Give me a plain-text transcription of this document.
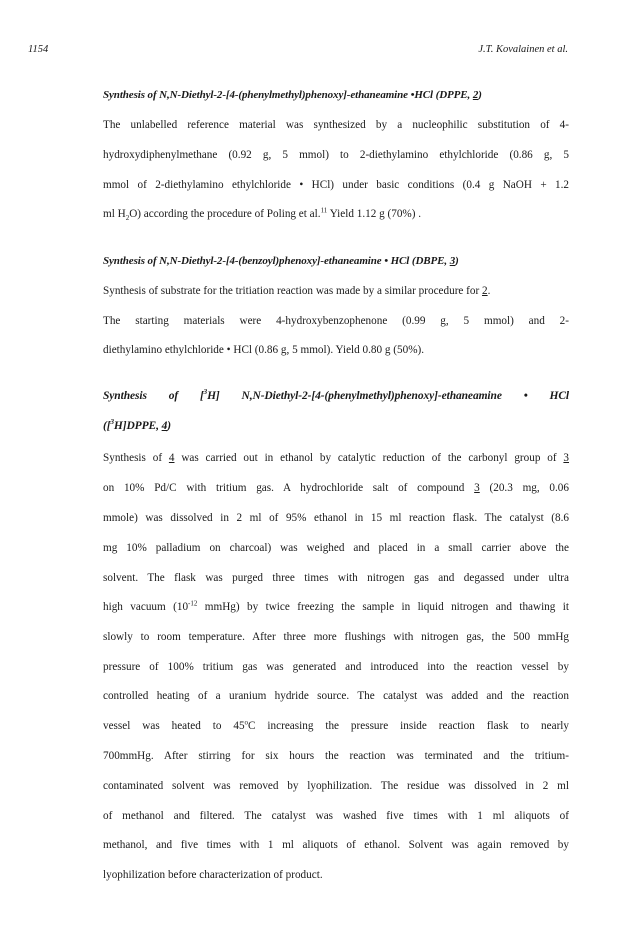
1154	J.T. Kovalainen et al.
Synthesis of N,N-Diethyl-2-[4-(phenylmethyl)phenoxy]-ethaneamine •HCl (DPPE, 2)
The unlabelled reference material was synthesized by a nucleophilic substitution of 4-
hydroxydiphenylmethane (0.92 g, 5 mmol) to 2-diethylamino ethylchloride (0.86 g, 5
mmol of 2-diethylamino ethylchloride • HCl) under basic conditions (0.4 g NaOH + 1.2
ml $H_2O$) according the procedure of Poling et al.$^{11}$ Yield 1.12 g (70%) .
Synthesis of N,N-Diethyl-2-[4-(benzoyl)phenoxy]-ethaneamine • HCl (DBPE, 3)
Synthesis of substrate for the tritiation reaction was made by a similar procedure for 2.
The starting materials were 4-hydroxybenzophenone (0.99 g, 5 mmol) and 2-
diethylamino ethylchloride • HCl (0.86 g, 5 mmol). Yield 0.80 g (50%).
Synthesis of [$^3$H] N,N-Diethyl-2-[4-(phenylmethyl)phenoxy]-ethaneamine • HCl
([$^3$H]DPPE, 4)
Synthesis of 4 was carried out in ethanol by catalytic reduction of the carbonyl group of 3
on 10% Pd/C with tritium gas. A hydrochloride salt of compound 3 (20.3 mg, 0.06
mmole) was dissolved in 2 ml of 95% ethanol in 15 ml reaction flask. The catalyst (8.6
mg 10% palladium on charcoal) was weighed and placed in a small carrier above the
solvent. The flask was purged three times with nitrogen gas and degassed under ultra
high vacuum ($10^{-12}$ mmHg) by twice freezing the sample in liquid nitrogen and thawing it
slowly to room temperature. After three more flushings with nitrogen gas, the 500 mmHg
pressure of 100% tritium gas was generated and introduced into the reaction vessel by
controlled heating of a uranium hydride source. The catalyst was added and the reaction
vessel was heated to 45$^o$C increasing the pressure inside reaction flask to nearly
700mmHg. After stirring for six hours the reaction was terminated and the tritium-
contaminated solvent was removed by lyophilization. The residue was dissolved in 2 ml
of methanol and filtered. The catalyst was washed five times with 1 ml aliquots of
methanol, and five times with 1 ml aliquots of ethanol. Solvent was again removed by
lyophilization before characterization of product.
